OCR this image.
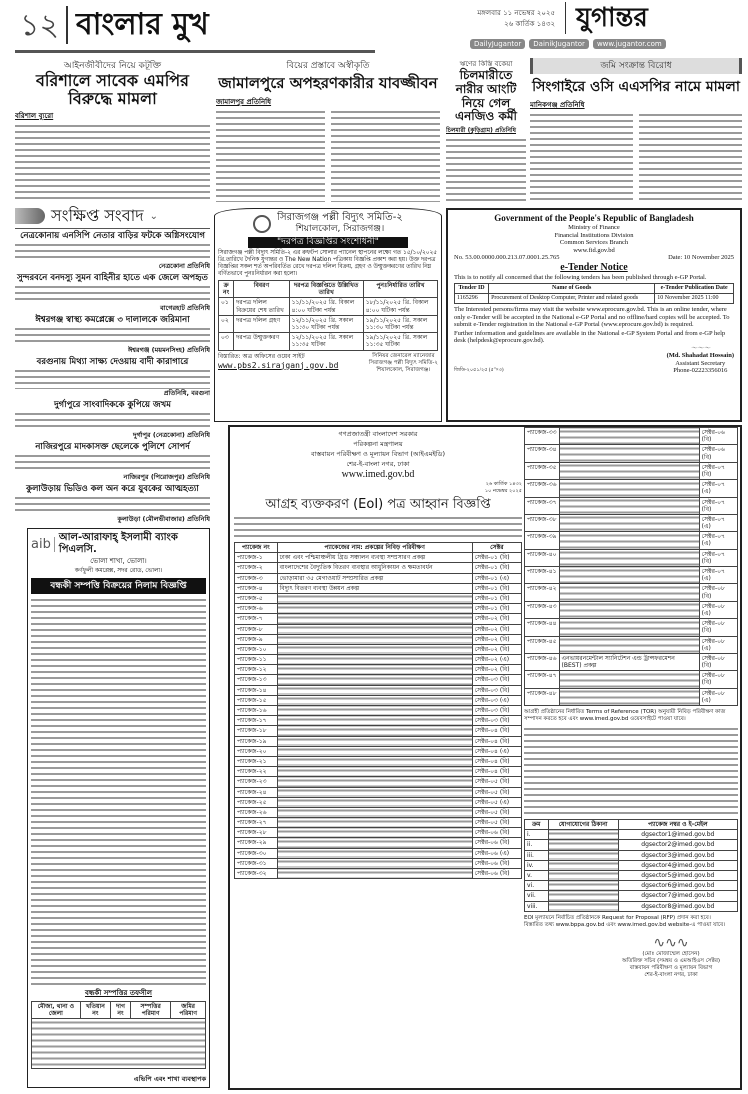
১২ বাংলার মুখ	মঙ্গলবার ১১ নভেম্বর ২০২৫
২৬ কার্তিক ১৪৩২ যুগান্তর
DailyJugantor	DainikJugantor	www.jugantor.com
আইনজীবীদের নিয়ে কটূক্তি
বরিশালে সাবেক এমপির বিরুদ্ধে মামলা
বরিশাল ব্যুরো
বিয়ের প্রস্তাবে অস্বীকৃতি
জামালপুরে অপহরণকারীর যাবজ্জীবন
জামালপুর প্রতিনিধি
ঋণের কিস্তি বকেয়া
চিলমারীতে নারীর আংটি নিয়ে গেল এনজিও কর্মী
চিলমারী (কুড়িগ্রাম) প্রতিনিধি
জমি সংক্রান্ত বিরোধ
সিংগাইরে ওসি এএসপির নামে মামলা
মানিকগঞ্জ প্রতিনিধি
সংক্ষিপ্ত সংবাদ ⌄
নেত্রকোনায় এনসিপি নেতার বাড়ির ফটকে অগ্নিসংযোগ
নেত্রকোনা প্রতিনিধি
সুন্দরবনে বনদস্যু সুমন বাহিনীর হাতে এক জেলে অপহৃত
বাগেরহাট প্রতিনিধি
ঈশ্বরগঞ্জ স্বাস্থ্য কমপ্লেক্সে ৩ দালালকে জরিমানা
ঈশ্বরগঞ্জ (ময়মনসিংহ) প্রতিনিধি
বরগুনায় মিথ্যা সাক্ষ্য দেওয়ায় বাদী কারাগারে
প্রতিনিধি, বরগুনা
দুর্গাপুরে সাংবাদিককে কুপিয়ে জখম
দুর্গাপুর (নেত্রকোনা) প্রতিনিধি
নাজিরপুরে মাদকাসক্ত ছেলেকে পুলিশে সোপর্দ
নাজিরপুর (পিরোজপুর) প্রতিনিধি
কুলাউড়ায় ভিডিও কল অন করে যুবকের আত্মহত্যা
কুলাউড়া (মৌলভীবাজার) প্রতিনিধি
aib আল-আরাফাহ্ ইসলামী ব্যাংক পিএলসি.
ভোলা শাখা, ভোলা।
কর্ণফুলী কমপ্লেক্স, সদর রোড, ভোলা।
বন্ধকী সম্পত্তি বিক্রয়ের নিলাম বিজ্ঞপ্তি
বন্ধকী সম্পত্তির তফসীল
মৌজা, থানা ও জেলা	খতিয়ান নং	দাগ নং	সম্পত্তির পরিমাণ	জমির পরিমাণ

এভিপি এবং শাখা ব্যবস্থাপক
সিরাজগঞ্জ পল্লী বিদ্যুৎ সমিতি-২
শিয়ালকোল, সিরাজগঞ্জ।
"দরপত্র বিজ্ঞপ্তির সংশোধনী"
সিরাজগঞ্জ পল্লী বিদ্যুৎ সমিতি-২ এর রুফটপ সোলার প্যানেল স্থাপনের লক্ষ্যে গত ১৫/১০/২০২৫ খ্রি.তারিখে দৈনিক যুগান্তর ও The New Nation পত্রিকায় বিজ্ঞপ্তি প্রকাশ করা হয়। উক্ত দরপত্র বিজ্ঞপ্তির সকল শর্ত অপরিবর্তিত রেখে দরপত্র দলিল বিক্রয়, গ্রহণ ও উন্মুক্তকরণের তারিখ নিম্ন বর্ণিতভাবে পুনঃনির্ধারন করা হলো।
ক্র নং	বিবরণ	দরপত্র বিজ্ঞপ্তিতে উল্লিখিত তারিখ	পুনঃনির্ধারিত তারিখ
০১	দরপত্র দলিল বিক্রয়ের শেষ তারিখ	১১/১১/২০২৫ খ্রি. বিকাল ৪:০০ ঘটিকা পর্যন্ত	১৮/১১/২০২৫ খ্রি. বিকাল ৪:০০ ঘটিকা পর্যন্ত
০২	দরপত্র দলিল গ্রহণ	১২/১১/২০২৫ খ্রি. সকাল ১১:৩০ ঘটিকা পর্যন্ত	১৯/১১/২০২৫ খ্রি. সকাল ১১:৩০ ঘটিকা পর্যন্ত
০৩	দরপত্র উন্মুক্তকরণ	১২/১১/২০২৫ খ্রি. সকাল ১১:৩৫ ঘটিকা	১৯/১১/২০২৫ খ্রি. সকাল ১১:৩৫ ঘটিকা
বিস্তারিত: অত্র অফিসের ওয়েব সাইট
www.pbs2.sirajganj.gov.bd
সিনিয়র জেনারেল ম্যানেজার
সিরাজগঞ্জ পল্লী বিদ্যুৎ সমিতি-২
শিয়ালকোল, সিরাজগঞ্জ।
Government of the People's Republic of Bangladesh
Ministry of Finance
Financial Institutions Division
Common Services Branch
www.fid.gov.bd
No. 53.00.0000.000.213.07.0001.25.765	Date: 10 November 2025
e-Tender Notice
This is to notify all concerned that the following tenders has been published through e-GP Portal.
Tender ID	Name of Goods	e-Tender Publication Date
1165296	Procurement of Desktop Computer, Printer and related goods	10 November 2025 11:00
The Interested persons/firms may visit the website www.eprocure.gov.bd. This is an online tender, where only e-Tender will be accepted in the National e-GP Portal and no offline/hard copies will be accepted. To submit e-Tender registration in the National e-GP Portal (www.eprocure.gov.bd) is required.
Further information and guidelines are available in the National e-GP System Portal and from e-GP help desk (helpdesk@eprocure.gov.bd).
জিডি-২০৫১/২৫ (৫"×৩)
～～～
(Md. Shahadat Hossain)
Assistant Secretary
Phone-02223356016
গণপ্রজাতন্ত্রী বাংলাদেশ সরকার
পরিকল্পনা মন্ত্রণালয়
বাস্তবায়ন পরিবীক্ষণ ও মূল্যায়ন বিভাগ (আইএমইডি)
শের-ই-বাংলা নগর, ঢাকা
www.imed.gov.bd
২৬ কার্তিক ১৪৩২
১০ নভেম্বর ২০২৫
আগ্রহ ব্যক্তকরণ (EoI) পত্র আহ্বান বিজ্ঞপ্তি
প্যাকেজ নং	প্যাকেজের নাম: প্রকল্পের নিবিড় পরিবীক্ষণ	সেক্টর
প্যাকেজ-১	ঢাকা এবং পশ্চিমাঞ্চলীয় গ্রিড সঞ্চালন ব্যবস্থা সম্প্রসারণ প্রকল্প	সেক্টর-০১ (বি)
প্যাকেজ-২	বাংলাদেশের বৈদ্যুতিক বিতরণ ব্যবস্থার আধুনিকায়ন ও ক্ষমতাবর্ধন	সেক্টর-০১ (বি)
প্যাকেজ-৩	ভোড়ামারা ৩৫ মেগাওয়াট সম্প্রসারিত প্রকল্প	সেক্টর-০১ (এ)
প্যাকেজ-৪	বিদ্যুৎ বিতরণ ব্যবস্থা উন্নয়ন প্রকল্প	সেক্টর-০১ (বি)
প্যাকেজ-৫		সেক্টর-০১ (বি)
প্যাকেজ-৬		সেক্টর-০১ (বি)
প্যাকেজ-৭		সেক্টর-০২ (বি)
প্যাকেজ-৮		সেক্টর-০২ (বি)
প্যাকেজ-৯		সেক্টর-০২ (বি)
প্যাকেজ-১০		সেক্টর-০২ (বি)
প্যাকেজ-১১		সেক্টর-০২ (এ)
প্যাকেজ-১২		সেক্টর-০২ (বি)
প্যাকেজ-১৩		সেক্টর-০৩ (বি)
প্যাকেজ-১৪		সেক্টর-০৩ (বি)
প্যাকেজ-১৫		সেক্টর-০৩ (এ)
প্যাকেজ-১৬		সেক্টর-০৩ (বি)
প্যাকেজ-১৭		সেক্টর-০৩ (বি)
প্যাকেজ-১৮		সেক্টর-০৪ (বি)
প্যাকেজ-১৯		সেক্টর-০৪ (বি)
প্যাকেজ-২০		সেক্টর-০৪ (এ)
প্যাকেজ-২১		সেক্টর-০৪ (বি)
প্যাকেজ-২২		সেক্টর-০৪ (বি)
প্যাকেজ-২৩		সেক্টর-০৫ (বি)
প্যাকেজ-২৪		সেক্টর-০৫ (বি)
প্যাকেজ-২৫		সেক্টর-০৫ (এ)
প্যাকেজ-২৬		সেক্টর-০৫ (বি)
প্যাকেজ-২৭		সেক্টর-০৫ (বি)
প্যাকেজ-২৮		সেক্টর-০৬ (বি)
প্যাকেজ-২৯		সেক্টর-০৬ (বি)
প্যাকেজ-৩০		সেক্টর-০৬ (এ)
প্যাকেজ-৩১		সেক্টর-০৬ (বি)
প্যাকেজ-৩২		সেক্টর-০৬ (বি)
প্যাকেজ-৩৩		সেক্টর-০৬ (বি)
প্যাকেজ-৩৪		সেক্টর-০৬ (বি)
প্যাকেজ-৩৫		সেক্টর-০৭ (বি)
প্যাকেজ-৩৬		সেক্টর-০৭ (এ)
প্যাকেজ-৩৭		সেক্টর-০৭ (বি)
প্যাকেজ-৩৮		সেক্টর-০৭ (এ)
প্যাকেজ-৩৯		সেক্টর-০৭ (এ)
প্যাকেজ-৪০		সেক্টর-০৭ (বি)
প্যাকেজ-৪১		সেক্টর-০৭ (এ)
প্যাকেজ-৪২		সেক্টর-০৮ (বি)
প্যাকেজ-৪৩		সেক্টর-০৮ (এ)
প্যাকেজ-৪৪		সেক্টর-০৮ (বি)
প্যাকেজ-৪৫		সেক্টর-০৮ (এ)
প্যাকেজ-৪৬	এনভায়রনমেন্টাল স্যানিটেশন এন্ড ট্রান্সফরমেশন (BEST) প্রকল্প	সেক্টর-০৮ (বি)
প্যাকেজ-৪৭		সেক্টর-০৮ (বি)
প্যাকেজ-৪৮		সেক্টর-০৮ (এ)
আগ্রহী প্রতিষ্ঠানের নির্ধারিত Terms of Reference (TOR) অনুযায়ী নিবিড় পরিবীক্ষণ কাজ সম্পাদন করতে হবে এবং www.imed.gov.bd ওয়েবসাইটে পাওয়া যাবে।
ক্রম	যোগাযোগের ঠিকানা	প্যাকেজ নম্বর ও ই-মেইল
i.		dgsector1@imed.gov.bd
ii.		dgsector2@imed.gov.bd
iii.		dgsector3@imed.gov.bd
iv.		dgsector4@imed.gov.bd
v.		dgsector5@imed.gov.bd
vi.		dgsector6@imed.gov.bd
vii.		dgsector7@imed.gov.bd
viii.		dgsector8@imed.gov.bd
EOI মূল্যায়নে নির্বাচিত প্রতিষ্ঠানকে Request for Proposal (RFP) প্রদান করা হবে।
বিস্তারিত তথ্য www.bppa.gov.bd এবং www.imed.gov.bd website-এ পাওয়া যাবে।
∿∿∿
(মোঃ মোজাম্মেল হোসেন)
অতিরিক্ত সচিব (সমন্বয় ও এমআইএস সেক্টর)
বাস্তবায়ন পরিবীক্ষণ ও মূল্যায়ন বিভাগ
শের-ই-বাংলা নগর, ঢাকা
